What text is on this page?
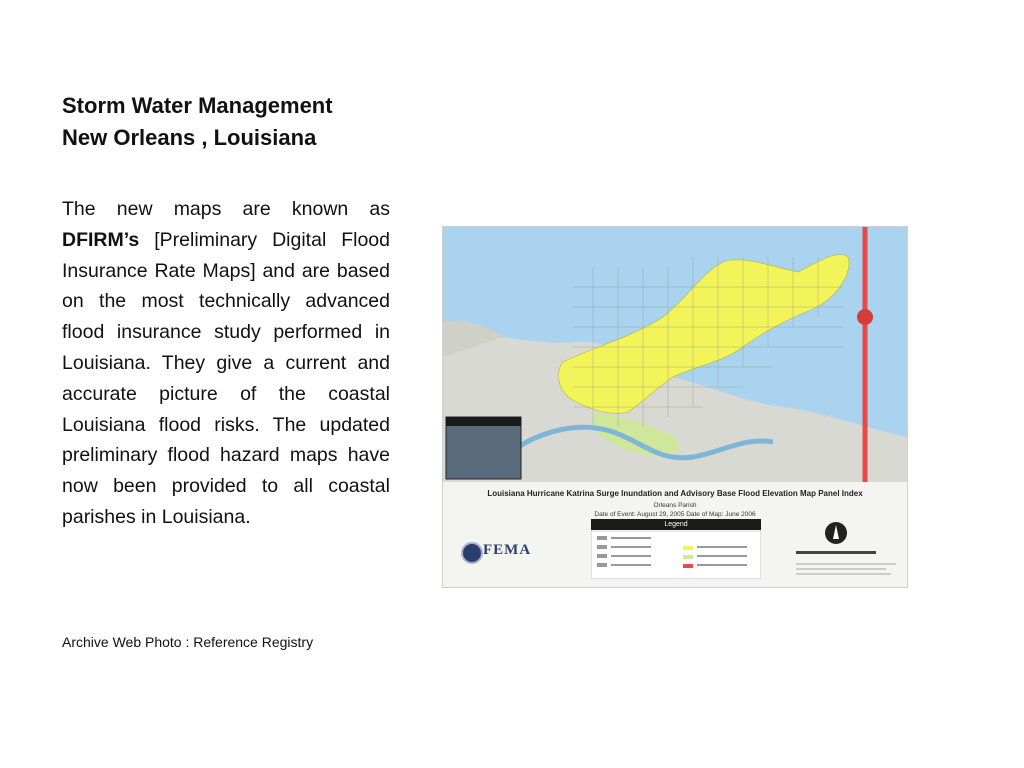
Storm Water Management
New Orleans , Louisiana

The new maps are known as DFIRM’s [Preliminary Digital Flood Insurance Rate Maps] and are based on the most technically advanced flood insurance study performed in Louisiana. They give a current and accurate picture of the coastal Louisiana flood risks. The updated preliminary flood hazard maps have now been provided to all coastal parishes in Louisiana.

Archive Web Photo : Reference Registry

Louisiana Hurricane Katrina Surge Inundation and Advisory Base Flood Elevation Map Panel Index
Orleans Parish
Date of Event: August 29, 2005 Date of Map: June 2006
Legend
FEMA
